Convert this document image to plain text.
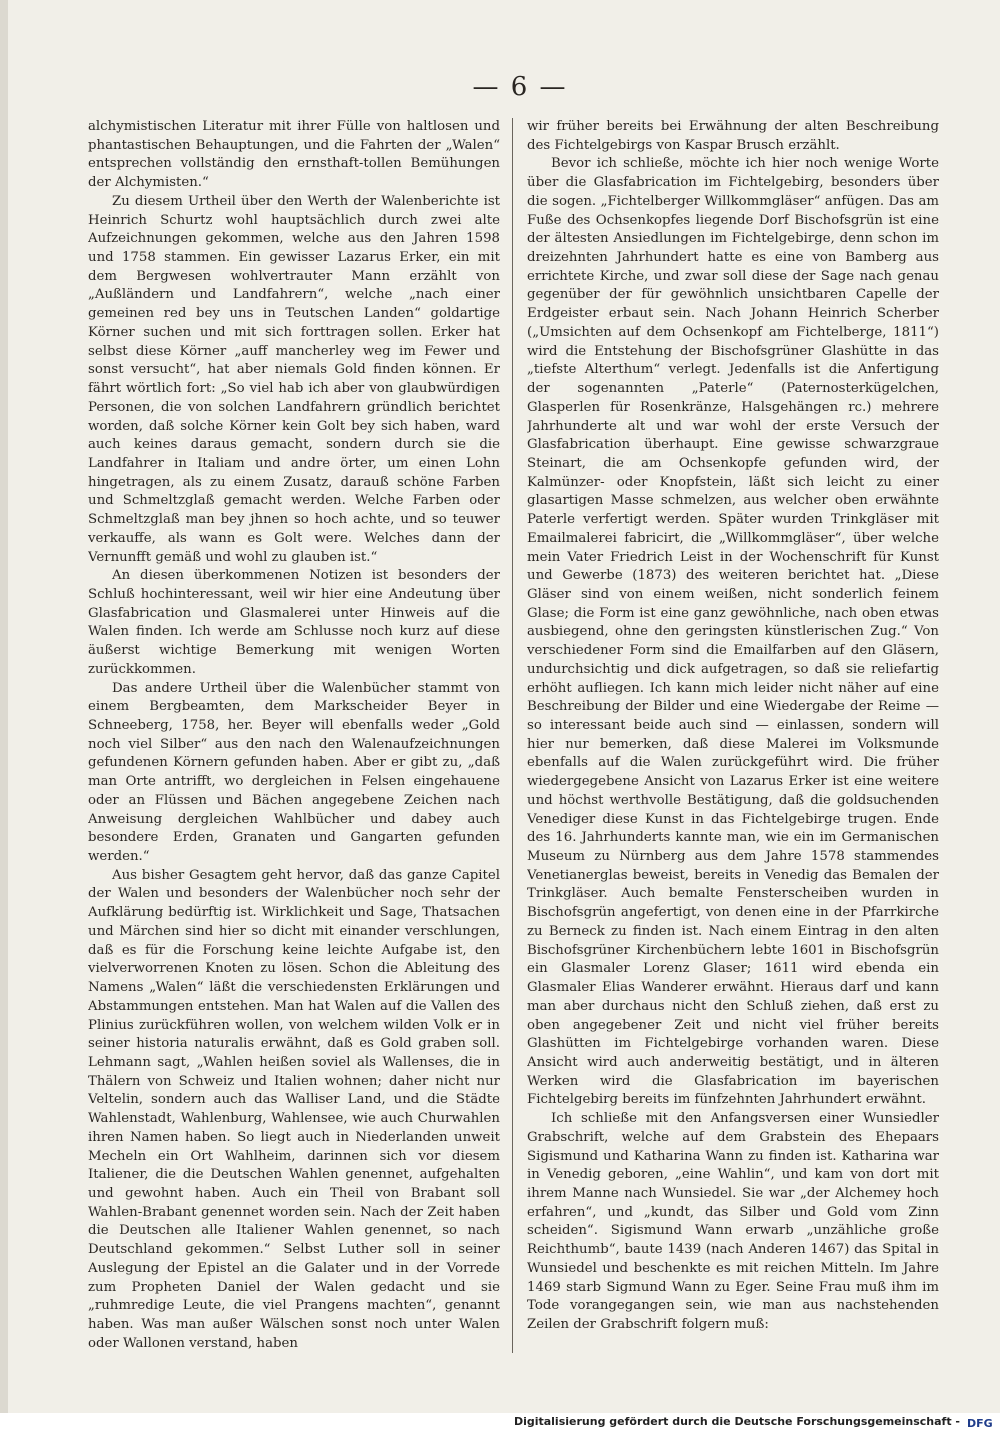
— 6 —

alchymistischen Literatur mit ihrer Fülle von haltlosen und phantastischen Behauptungen, und die Fahrten der „Walen“ entsprechen vollständig den ernsthaft-tollen Bemühungen der Alchymisten.“

Zu diesem Urtheil über den Werth der Walenberichte ist Heinrich Schurtz wohl hauptsächlich durch zwei alte Aufzeichnungen gekommen, welche aus den Jahren 1598 und 1758 stammen. Ein gewisser Lazarus Erker, ein mit dem Bergwesen wohlvertrauter Mann erzählt von „Außländern und Landfahrern“, welche „nach einer gemeinen red bey uns in Teutschen Landen“ goldartige Körner suchen und mit sich forttragen sollen. Erker hat selbst diese Körner „auff mancherley weg im Fewer und sonst versucht“, hat aber niemals Gold finden können. Er fährt wörtlich fort: „So viel hab ich aber von glaubwürdigen Personen, die von solchen Landfahrern gründlich berichtet worden, daß solche Körner kein Golt bey sich haben, ward auch keines daraus gemacht, sondern durch sie die Landfahrer in Italiam und andre örter, um einen Lohn hingetragen, als zu einem Zusatz, darauß schöne Farben und Schmeltzglaß gemacht werden. Welche Farben oder Schmeltzglaß man bey jhnen so hoch achte, und so teuwer verkauffe, als wann es Golt were. Welches dann der Vernunfft gemäß und wohl zu glauben ist.“

An diesen überkommenen Notizen ist besonders der Schluß hochinteressant, weil wir hier eine Andeutung über Glasfabrication und Glasmalerei unter Hinweis auf die Walen finden. Ich werde am Schlusse noch kurz auf diese äußerst wichtige Bemerkung mit wenigen Worten zurückkommen.

Das andere Urtheil über die Walenbücher stammt von einem Bergbeamten, dem Markscheider Beyer in Schneeberg, 1758, her. Beyer will ebenfalls weder „Gold noch viel Silber“ aus den nach den Walenaufzeichnungen gefundenen Körnern gefunden haben. Aber er gibt zu, „daß man Orte antrifft, wo dergleichen in Felsen eingehauene oder an Flüssen und Bächen angegebene Zeichen nach Anweisung dergleichen Wahlbücher und dabey auch besondere Erden, Granaten und Gangarten gefunden werden.“

Aus bisher Gesagtem geht hervor, daß das ganze Capitel der Walen und besonders der Walenbücher noch sehr der Aufklärung bedürftig ist. Wirklichkeit und Sage, Thatsachen und Märchen sind hier so dicht mit einander verschlungen, daß es für die Forschung keine leichte Aufgabe ist, den vielverworrenen Knoten zu lösen. Schon die Ableitung des Namens „Walen“ läßt die verschiedensten Erklärungen und Abstammungen entstehen. Man hat Walen auf die Vallen des Plinius zurückführen wollen, von welchem wilden Volk er in seiner historia naturalis erwähnt, daß es Gold graben soll. Lehmann sagt, „Wahlen heißen soviel als Wallenses, die in Thälern von Schweiz und Italien wohnen; daher nicht nur Veltelin, sondern auch das Walliser Land, und die Städte Wahlenstadt, Wahlenburg, Wahlensee, wie auch Churwahlen ihren Namen haben. So liegt auch in Niederlanden unweit Mecheln ein Ort Wahlheim, darinnen sich vor diesem Italiener, die die Deutschen Wahlen genennet, aufgehalten und gewohnt haben. Auch ein Theil von Brabant soll Wahlen-Brabant genennet worden sein. Nach der Zeit haben die Deutschen alle Italiener Wahlen genennet, so nach Deutschland gekommen.“ Selbst Luther soll in seiner Auslegung der Epistel an die Galater und in der Vorrede zum Propheten Daniel der Walen gedacht und sie „ruhmredige Leute, die viel Prangens machten“, genannt haben. Was man außer Wälschen sonst noch unter Walen oder Wallonen verstand, haben

wir früher bereits bei Erwähnung der alten Beschreibung des Fichtelgebirgs von Kaspar Brusch erzählt.

Bevor ich schließe, möchte ich hier noch wenige Worte über die Glasfabrication im Fichtelgebirg, besonders über die sogen. „Fichtelberger Willkommgläser“ anfügen. Das am Fuße des Ochsenkopfes liegende Dorf Bischofsgrün ist eine der ältesten Ansiedlungen im Fichtelgebirge, denn schon im dreizehnten Jahrhundert hatte es eine von Bamberg aus errichtete Kirche, und zwar soll diese der Sage nach genau gegenüber der für gewöhnlich unsichtbaren Capelle der Erdgeister erbaut sein. Nach Johann Heinrich Scherber („Umsichten auf dem Ochsenkopf am Fichtelberge, 1811“) wird die Entstehung der Bischofsgrüner Glashütte in das „tiefste Alterthum“ verlegt. Jedenfalls ist die Anfertigung der sogenannten „Paterle“ (Paternosterkügelchen, Glasperlen für Rosenkränze, Halsgehängen rc.) mehrere Jahrhunderte alt und war wohl der erste Versuch der Glasfabrication überhaupt. Eine gewisse schwarzgraue Steinart, die am Ochsenkopfe gefunden wird, der Kalmünzer- oder Knopfstein, läßt sich leicht zu einer glasartigen Masse schmelzen, aus welcher oben erwähnte Paterle verfertigt werden. Später wurden Trinkgläser mit Emailmalerei fabricirt, die „Willkommgläser“, über welche mein Vater Friedrich Leist in der Wochenschrift für Kunst und Gewerbe (1873) des weiteren berichtet hat. „Diese Gläser sind von einem weißen, nicht sonderlich feinem Glase; die Form ist eine ganz gewöhnliche, nach oben etwas ausbiegend, ohne den geringsten künstlerischen Zug.“ Von verschiedener Form sind die Emailfarben auf den Gläsern, undurchsichtig und dick aufgetragen, so daß sie reliefartig erhöht aufliegen. Ich kann mich leider nicht näher auf eine Beschreibung der Bilder und eine Wiedergabe der Reime — so interessant beide auch sind — einlassen, sondern will hier nur bemerken, daß diese Malerei im Volksmunde ebenfalls auf die Walen zurückgeführt wird. Die früher wiedergegebene Ansicht von Lazarus Erker ist eine weitere und höchst werthvolle Bestätigung, daß die goldsuchenden Venediger diese Kunst in das Fichtelgebirge trugen. Ende des 16. Jahrhunderts kannte man, wie ein im Germanischen Museum zu Nürnberg aus dem Jahre 1578 stammendes Venetianerglas beweist, bereits in Venedig das Bemalen der Trinkgläser. Auch bemalte Fensterscheiben wurden in Bischofsgrün angefertigt, von denen eine in der Pfarrkirche zu Berneck zu finden ist. Nach einem Eintrag in den alten Bischofsgrüner Kirchenbüchern lebte 1601 in Bischofsgrün ein Glasmaler Lorenz Glaser; 1611 wird ebenda ein Glasmaler Elias Wanderer erwähnt. Hieraus darf und kann man aber durchaus nicht den Schluß ziehen, daß erst zu oben angegebener Zeit und nicht viel früher bereits Glashütten im Fichtelgebirge vorhanden waren. Diese Ansicht wird auch anderweitig bestätigt, und in älteren Werken wird die Glasfabrication im bayerischen Fichtelgebirg bereits im fünfzehnten Jahrhundert erwähnt.

Ich schließe mit den Anfangsversen einer Wunsiedler Grabschrift, welche auf dem Grabstein des Ehepaars Sigismund und Katharina Wann zu finden ist. Katharina war in Venedig geboren, „eine Wahlin“, und kam von dort mit ihrem Manne nach Wunsiedel. Sie war „der Alchemey hoch erfahren“, und „kundt, das Silber und Gold vom Zinn scheiden“. Sigismund Wann erwarb „unzähliche große Reichthumb“, baute 1439 (nach Anderen 1467) das Spital in Wunsiedel und beschenkte es mit reichen Mitteln. Im Jahre 1469 starb Sigmund Wann zu Eger. Seine Frau muß ihm im Tode vorangegangen sein, wie man aus nachstehenden Zeilen der Grabschrift folgern muß:

Digitalisierung gefördert durch die Deutsche Forschungsgemeinschaft - DFG
